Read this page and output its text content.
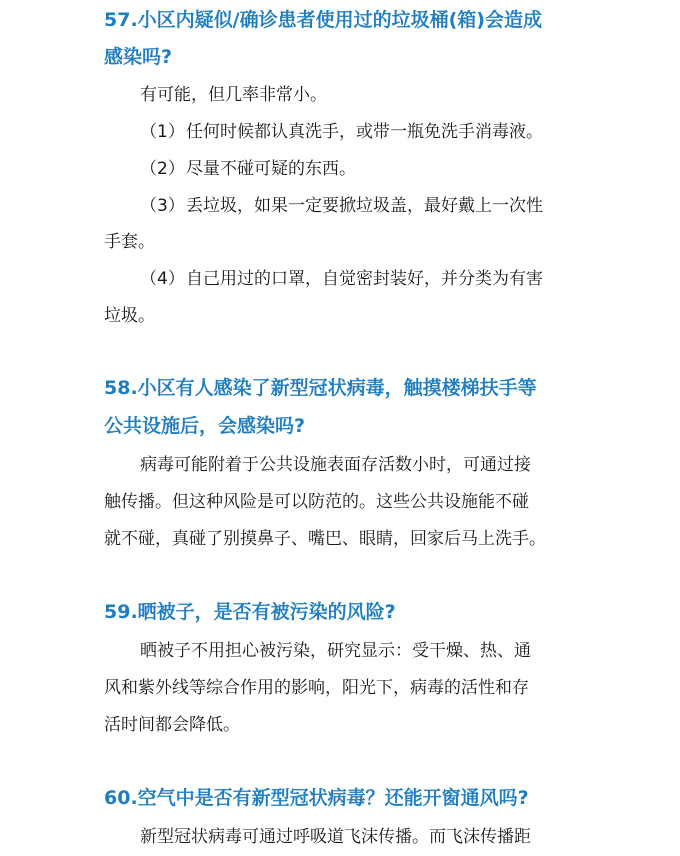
57.小区内疑似/确诊患者使用过的垃圾桶(箱)会造成
感染吗?
有可能，但几率非常小。
（1）任何时候都认真洗手，或带一瓶免洗手消毒液。
（2）尽量不碰可疑的东西。
（3）丢垃圾，如果一定要掀垃圾盖，最好戴上一次性
手套。
（4）自己用过的口罩，自觉密封装好，并分类为有害
垃圾。
58.小区有人感染了新型冠状病毒，触摸楼梯扶手等
公共设施后，会感染吗?
病毒可能附着于公共设施表面存活数小时，可通过接
触传播。但这种风险是可以防范的。这些公共设施能不碰
就不碰，真碰了别摸鼻子、嘴巴、眼睛，回家后马上洗手。
59.晒被子，是否有被污染的风险?
晒被子不用担心被污染，研究显示：受干燥、热、通
风和紫外线等综合作用的影响，阳光下，病毒的活性和存
活时间都会降低。
60.空气中是否有新型冠状病毒？还能开窗通风吗?
新型冠状病毒可通过呼吸道飞沫传播。而飞沫传播距
